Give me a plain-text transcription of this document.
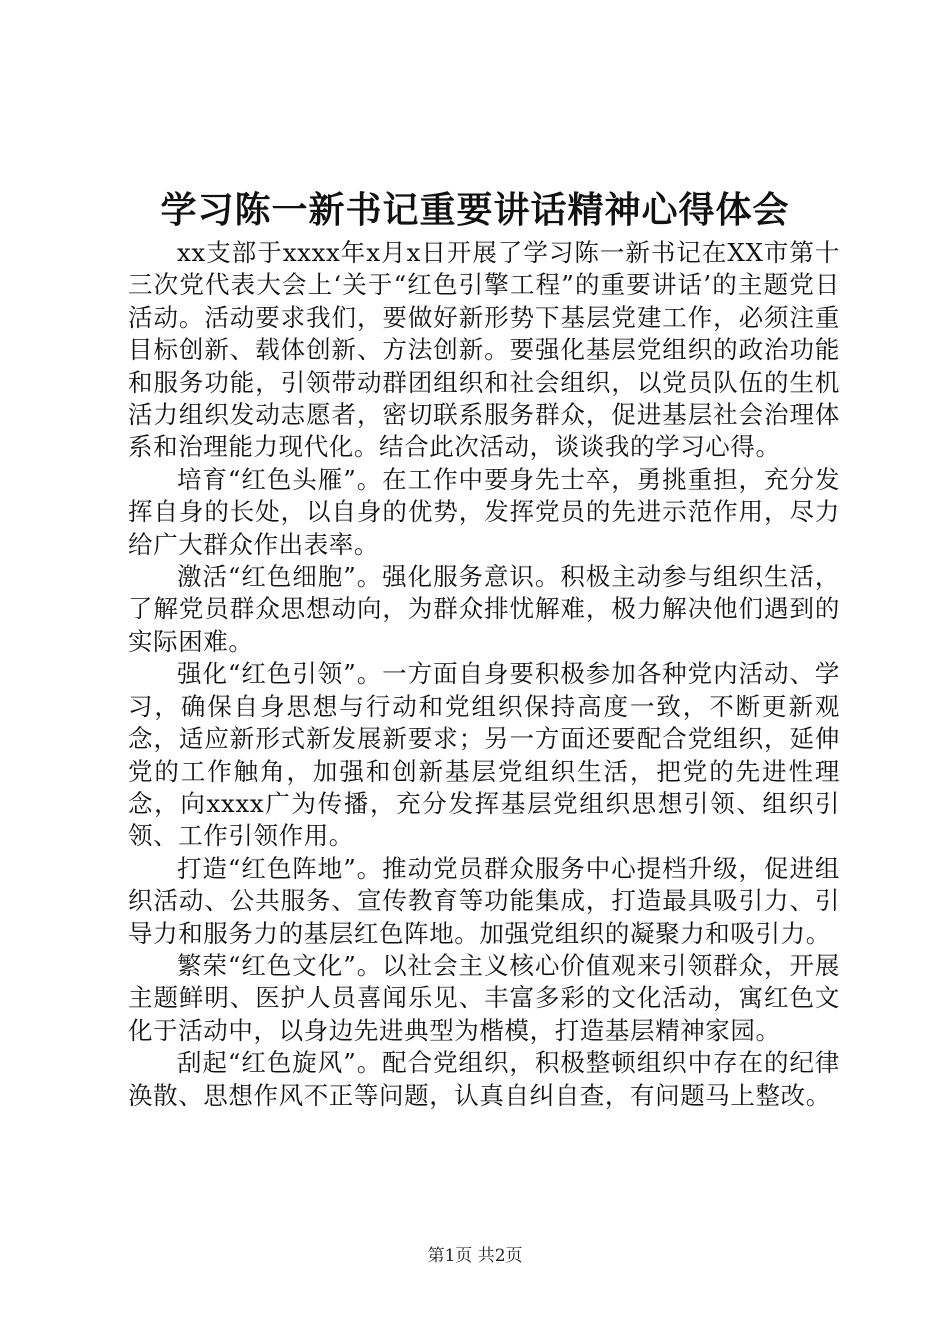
学习陈一新书记重要讲话精神心得体会

xx支部于xxxx年x月x日开展了学习陈一新书记在XX市第十三次党代表大会上‘关于“红色引擎工程”的重要讲话’的主题党日活动。活动要求我们，要做好新形势下基层党建工作，必须注重目标创新、载体创新、方法创新。要强化基层党组织的政治功能和服务功能，引领带动群团组织和社会组织，以党员队伍的生机活力组织发动志愿者，密切联系服务群众，促进基层社会治理体系和治理能力现代化。结合此次活动，谈谈我的学习心得。

培育“红色头雁”。在工作中要身先士卒，勇挑重担，充分发挥自身的长处，以自身的优势，发挥党员的先进示范作用，尽力给广大群众作出表率。

激活“红色细胞”。强化服务意识。积极主动参与组织生活，了解党员群众思想动向，为群众排忧解难，极力解决他们遇到的实际困难。

强化“红色引领”。一方面自身要积极参加各种党内活动、学习，确保自身思想与行动和党组织保持高度一致，不断更新观念，适应新形式新发展新要求；另一方面还要配合党组织，延伸党的工作触角，加强和创新基层党组织生活，把党的先进性理念，向xxxx广为传播，充分发挥基层党组织思想引领、组织引领、工作引领作用。

打造“红色阵地”。推动党员群众服务中心提档升级，促进组织活动、公共服务、宣传教育等功能集成，打造最具吸引力、引导力和服务力的基层红色阵地。加强党组织的凝聚力和吸引力。

繁荣“红色文化”。以社会主义核心价值观来引领群众，开展主题鲜明、医护人员喜闻乐见、丰富多彩的文化活动，寓红色文化于活动中，以身边先进典型为楷模，打造基层精神家园。

刮起“红色旋风”。配合党组织，积极整顿组织中存在的纪律涣散、思想作风不正等问题，认真自纠自查，有问题马上整改。

第1页 共2页
